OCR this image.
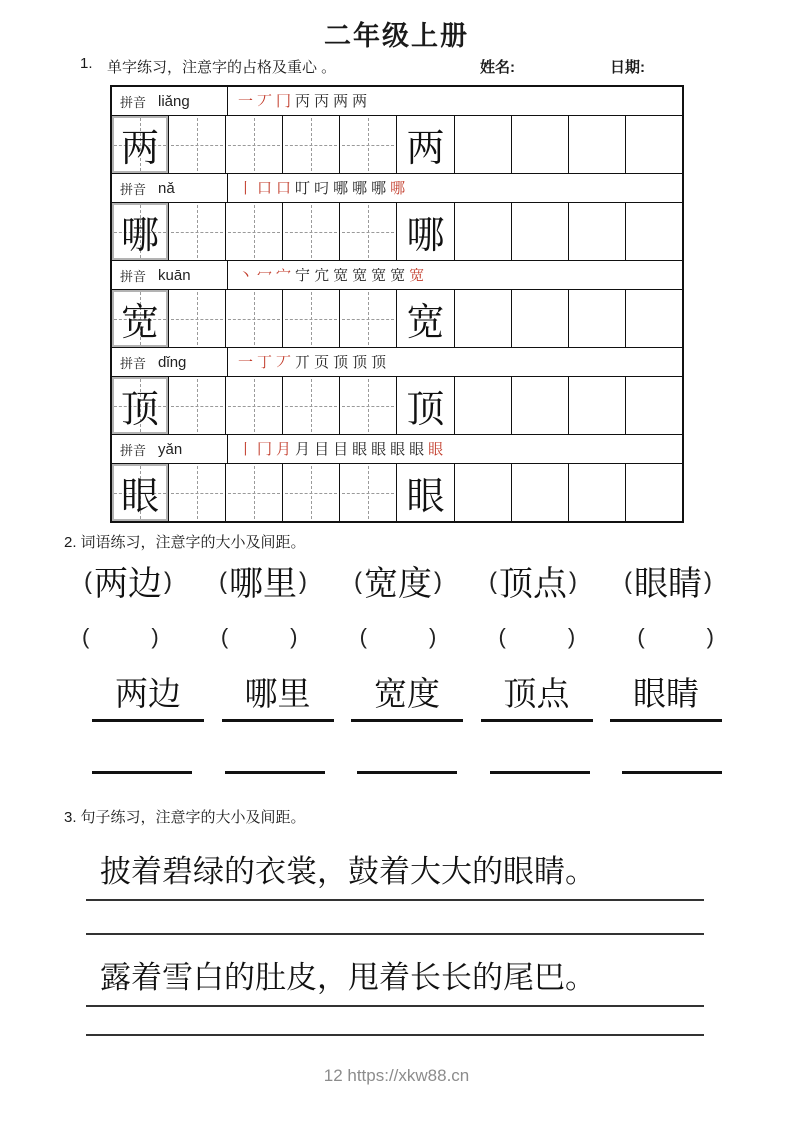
二年级上册
1. 单字练习，注意字的占格及重心 。	姓名:	日期:
拼音 liǎng	一 丆 冂 丙 丙 两 两
两	两
拼音 nǎ	丨 口 口 叮 叼 哪 哪 哪 哪
哪	哪
拼音 kuān	丶 冖 宀 宁 宂 宽 宽 宽 宽 宽
宽	宽
拼音 dǐng	一 丁 丆 丌 页 顶 顶 顶
顶	顶
拼音 yǎn	丨 冂 月 月 目 目 眼 眼 眼 眼 眼
眼	眼
2. 词语练习，注意字的大小及间距。
(两边) (哪里) (宽度) (顶点) (眼睛)
(	)	(	)	(	)	(	)	(	)
两边	哪里	宽度	顶点	眼睛
3. 句子练习，注意字的大小及间距。
披着碧绿的衣裳，鼓着大大的眼睛。
露着雪白的肚皮，甩着长长的尾巴。
12 https://xkw88.cn
